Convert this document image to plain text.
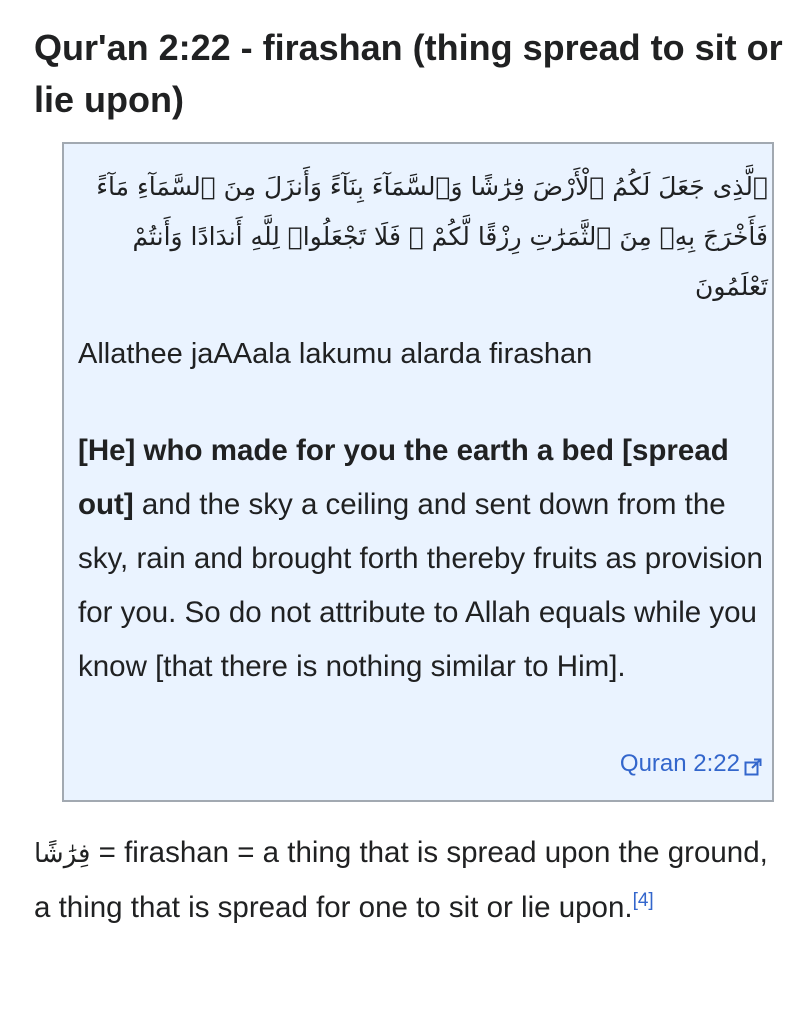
Qur'an 2:22 - firashan (thing spread to sit or lie upon)
ٱلَّذِى جَعَلَ لَكُمُ ٱلْأَرْضَ فِرَٰشًا وَٱلسَّمَآءَ بِنَآءً وَأَنزَلَ مِنَ ٱلسَّمَآءِ مَآءً فَأَخْرَجَ بِهِۦ مِنَ ٱلثَّمَرَٰتِ رِزْقًا لَّكُمْ ۖ فَلَا تَجْعَلُوا۟ لِلَّهِ أَندَادًا وَأَنتُمْ تَعْلَمُونَ
Allathee jaAAala lakumu alarda firashan
[He] who made for you the earth a bed [spread out] and the sky a ceiling and sent down from the sky, rain and brought forth thereby fruits as provision for you. So do not attribute to Allah equals while you know [that there is nothing similar to Him].
Quran 2:22

فِرَٰشًا = firashan = a thing that is spread upon the ground, a thing that is spread for one to sit or lie upon.[4]
